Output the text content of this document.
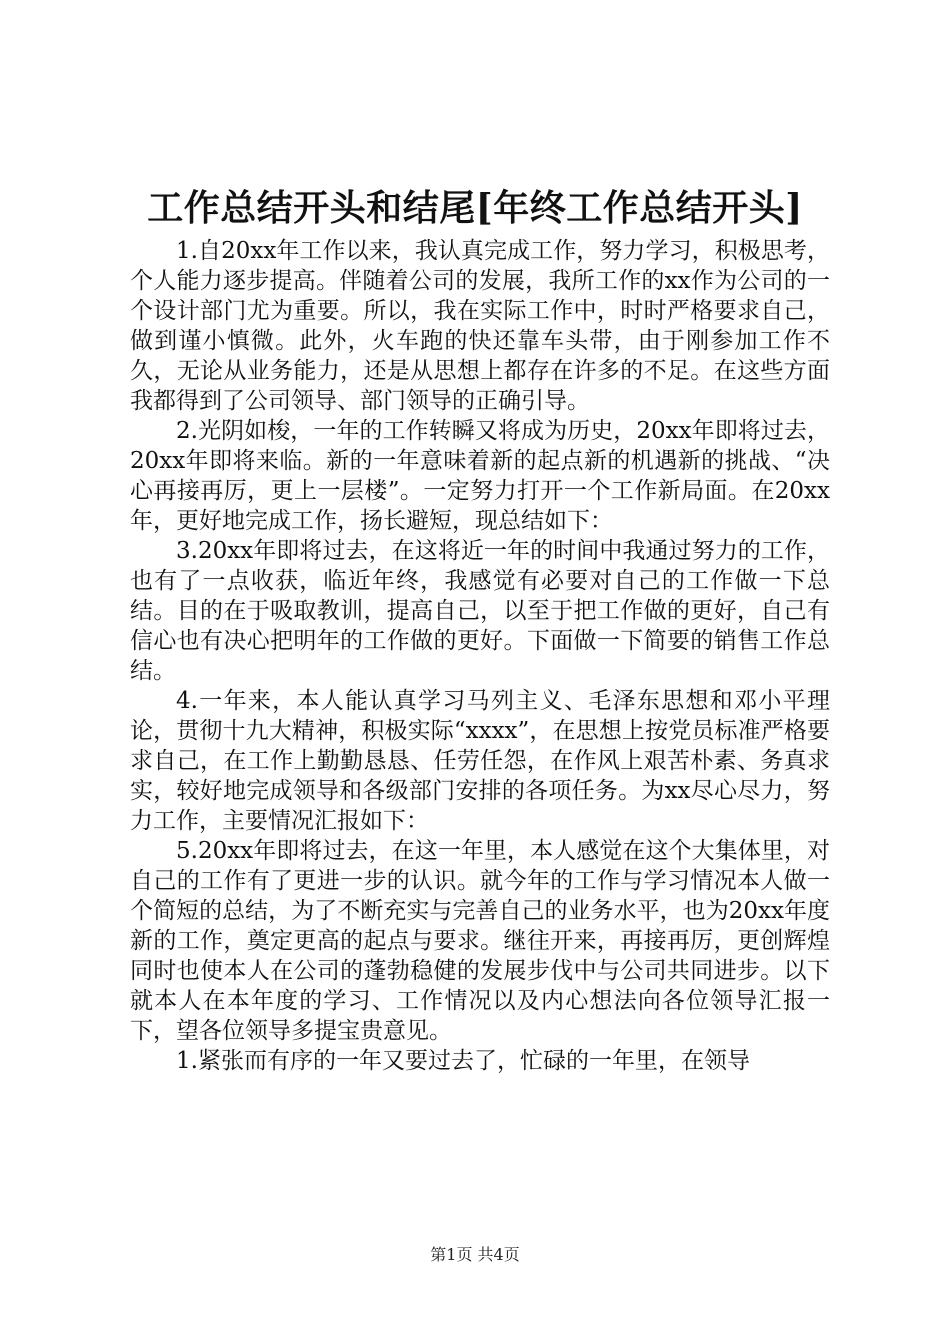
工作总结开头和结尾[年终工作总结开头]

1.自20xx年工作以来，我认真完成工作，努力学习，积极思考，个人能力逐步提高。伴随着公司的发展，我所工作的xx作为公司的一个设计部门尤为重要。所以，我在实际工作中，时时严格要求自己，做到谨小慎微。此外，火车跑的快还靠车头带，由于刚参加工作不久，无论从业务能力，还是从思想上都存在许多的不足。在这些方面我都得到了公司领导、部门领导的正确引导。

2.光阴如梭，一年的工作转瞬又将成为历史，20xx年即将过去，20xx年即将来临。新的一年意味着新的起点新的机遇新的挑战、“决心再接再厉，更上一层楼”。一定努力打开一个工作新局面。在20xx年，更好地完成工作，扬长避短，现总结如下：

3.20xx年即将过去，在这将近一年的时间中我通过努力的工作，也有了一点收获，临近年终，我感觉有必要对自己的工作做一下总结。目的在于吸取教训，提高自己，以至于把工作做的更好，自己有信心也有决心把明年的工作做的更好。下面做一下简要的销售工作总结。

4.一年来，本人能认真学习马列主义、毛泽东思想和邓小平理论，贯彻十九大精神，积极实际“xxxx”，在思想上按党员标准严格要求自己，在工作上勤勤恳恳、任劳任怨，在作风上艰苦朴素、务真求实，较好地完成领导和各级部门安排的各项任务。为xx尽心尽力，努力工作，主要情况汇报如下：

5.20xx年即将过去，在这一年里，本人感觉在这个大集体里，对自己的工作有了更进一步的认识。就今年的工作与学习情况本人做一个简短的总结，为了不断充实与完善自己的业务水平，也为20xx年度新的工作，奠定更高的起点与要求。继往开来，再接再厉，更创辉煌同时也使本人在公司的蓬勃稳健的发展步伐中与公司共同进步。以下就本人在本年度的学习、工作情况以及内心想法向各位领导汇报一下，望各位领导多提宝贵意见。

1.紧张而有序的一年又要过去了，忙碌的一年里，在领导

第1页 共4页
